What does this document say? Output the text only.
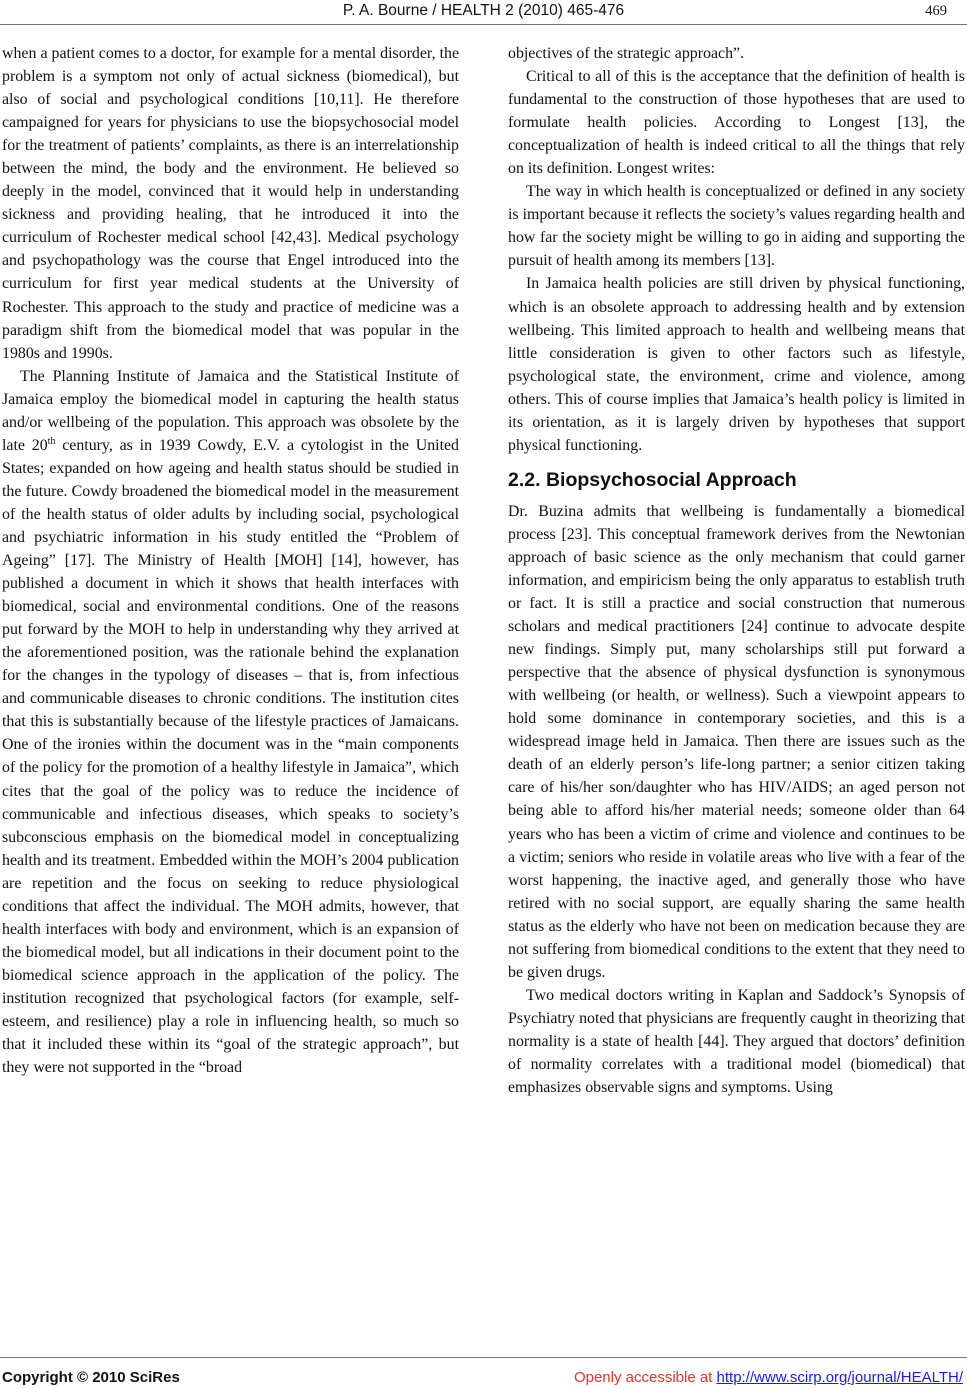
P. A. Bourne / HEALTH 2 (2010) 465-476	469

when a patient comes to a doctor, for example for a mental disorder, the problem is a symptom not only of actual sickness (biomedical), but also of social and psychological conditions [10,11]. He therefore campaigned for years for physicians to use the biopsychosocial model for the treatment of patients’ complaints, as there is an interrelationship between the mind, the body and the environment. He believed so deeply in the model, convinced that it would help in understanding sickness and providing healing, that he introduced it into the curriculum of Rochester medical school [42,43]. Medical psychology and psychopathology was the course that Engel introduced into the curriculum for first year medical students at the University of Rochester. This approach to the study and practice of medicine was a paradigm shift from the biomedical model that was popular in the 1980s and 1990s.

The Planning Institute of Jamaica and the Statistical Institute of Jamaica employ the biomedical model in capturing the health status and/or wellbeing of the population. This approach was obsolete by the late 20th century, as in 1939 Cowdy, E.V. a cytologist in the United States; expanded on how ageing and health status should be studied in the future. Cowdy broadened the biomedical model in the measurement of the health status of older adults by including social, psychological and psychiatric information in his study entitled the “Problem of Ageing” [17]. The Ministry of Health [MOH] [14], however, has published a document in which it shows that health interfaces with biomedical, social and environmental conditions. One of the reasons put forward by the MOH to help in understanding why they arrived at the aforementioned position, was the rationale behind the explanation for the changes in the typology of diseases – that is, from infectious and communicable diseases to chronic conditions. The institution cites that this is substantially because of the lifestyle practices of Jamaicans. One of the ironies within the document was in the “main components of the policy for the promotion of a healthy lifestyle in Jamaica”, which cites that the goal of the policy was to reduce the incidence of communicable and infectious diseases, which speaks to society’s subconscious emphasis on the biomedical model in conceptualizing health and its treatment. Embedded within the MOH’s 2004 publication are repetition and the focus on seeking to reduce physiological conditions that affect the individual. The MOH admits, however, that health interfaces with body and environment, which is an expansion of the biomedical model, but all indications in their document point to the biomedical science approach in the application of the policy. The institution recognized that psychological factors (for example, self-esteem, and resilience) play a role in influencing health, so much so that it included these within its “goal of the strategic approach”, but they were not supported in the “broad

objectives of the strategic approach”.

Critical to all of this is the acceptance that the definition of health is fundamental to the construction of those hypotheses that are used to formulate health policies. According to Longest [13], the conceptualization of health is indeed critical to all the things that rely on its definition. Longest writes:

The way in which health is conceptualized or defined in any society is important because it reflects the society’s values regarding health and how far the society might be willing to go in aiding and supporting the pursuit of health among its members [13].

In Jamaica health policies are still driven by physical functioning, which is an obsolete approach to addressing health and by extension wellbeing. This limited approach to health and wellbeing means that little consideration is given to other factors such as lifestyle, psychological state, the environment, crime and violence, among others. This of course implies that Jamaica’s health policy is limited in its orientation, as it is largely driven by hypotheses that support physical functioning.

2.2. Biopsychosocial Approach

Dr. Buzina admits that wellbeing is fundamentally a biomedical process [23]. This conceptual framework derives from the Newtonian approach of basic science as the only mechanism that could garner information, and empiricism being the only apparatus to establish truth or fact. It is still a practice and social construction that numerous scholars and medical practitioners [24] continue to advocate despite new findings. Simply put, many scholarships still put forward a perspective that the absence of physical dysfunction is synonymous with wellbeing (or health, or wellness). Such a viewpoint appears to hold some dominance in contemporary societies, and this is a widespread image held in Jamaica. Then there are issues such as the death of an elderly person’s life-long partner; a senior citizen taking care of his/her son/daughter who has HIV/AIDS; an aged person not being able to afford his/her material needs; someone older than 64 years who has been a victim of crime and violence and continues to be a victim; seniors who reside in volatile areas who live with a fear of the worst happening, the inactive aged, and generally those who have retired with no social support, are equally sharing the same health status as the elderly who have not been on medication because they are not suffering from biomedical conditions to the extent that they need to be given drugs.

Two medical doctors writing in Kaplan and Saddock’s Synopsis of Psychiatry noted that physicians are frequently caught in theorizing that normality is a state of health [44]. They argued that doctors’ definition of normality correlates with a traditional model (biomedical) that emphasizes observable signs and symptoms. Using

Copyright © 2010 SciRes	Openly accessible at http://www.scirp.org/journal/HEALTH/
